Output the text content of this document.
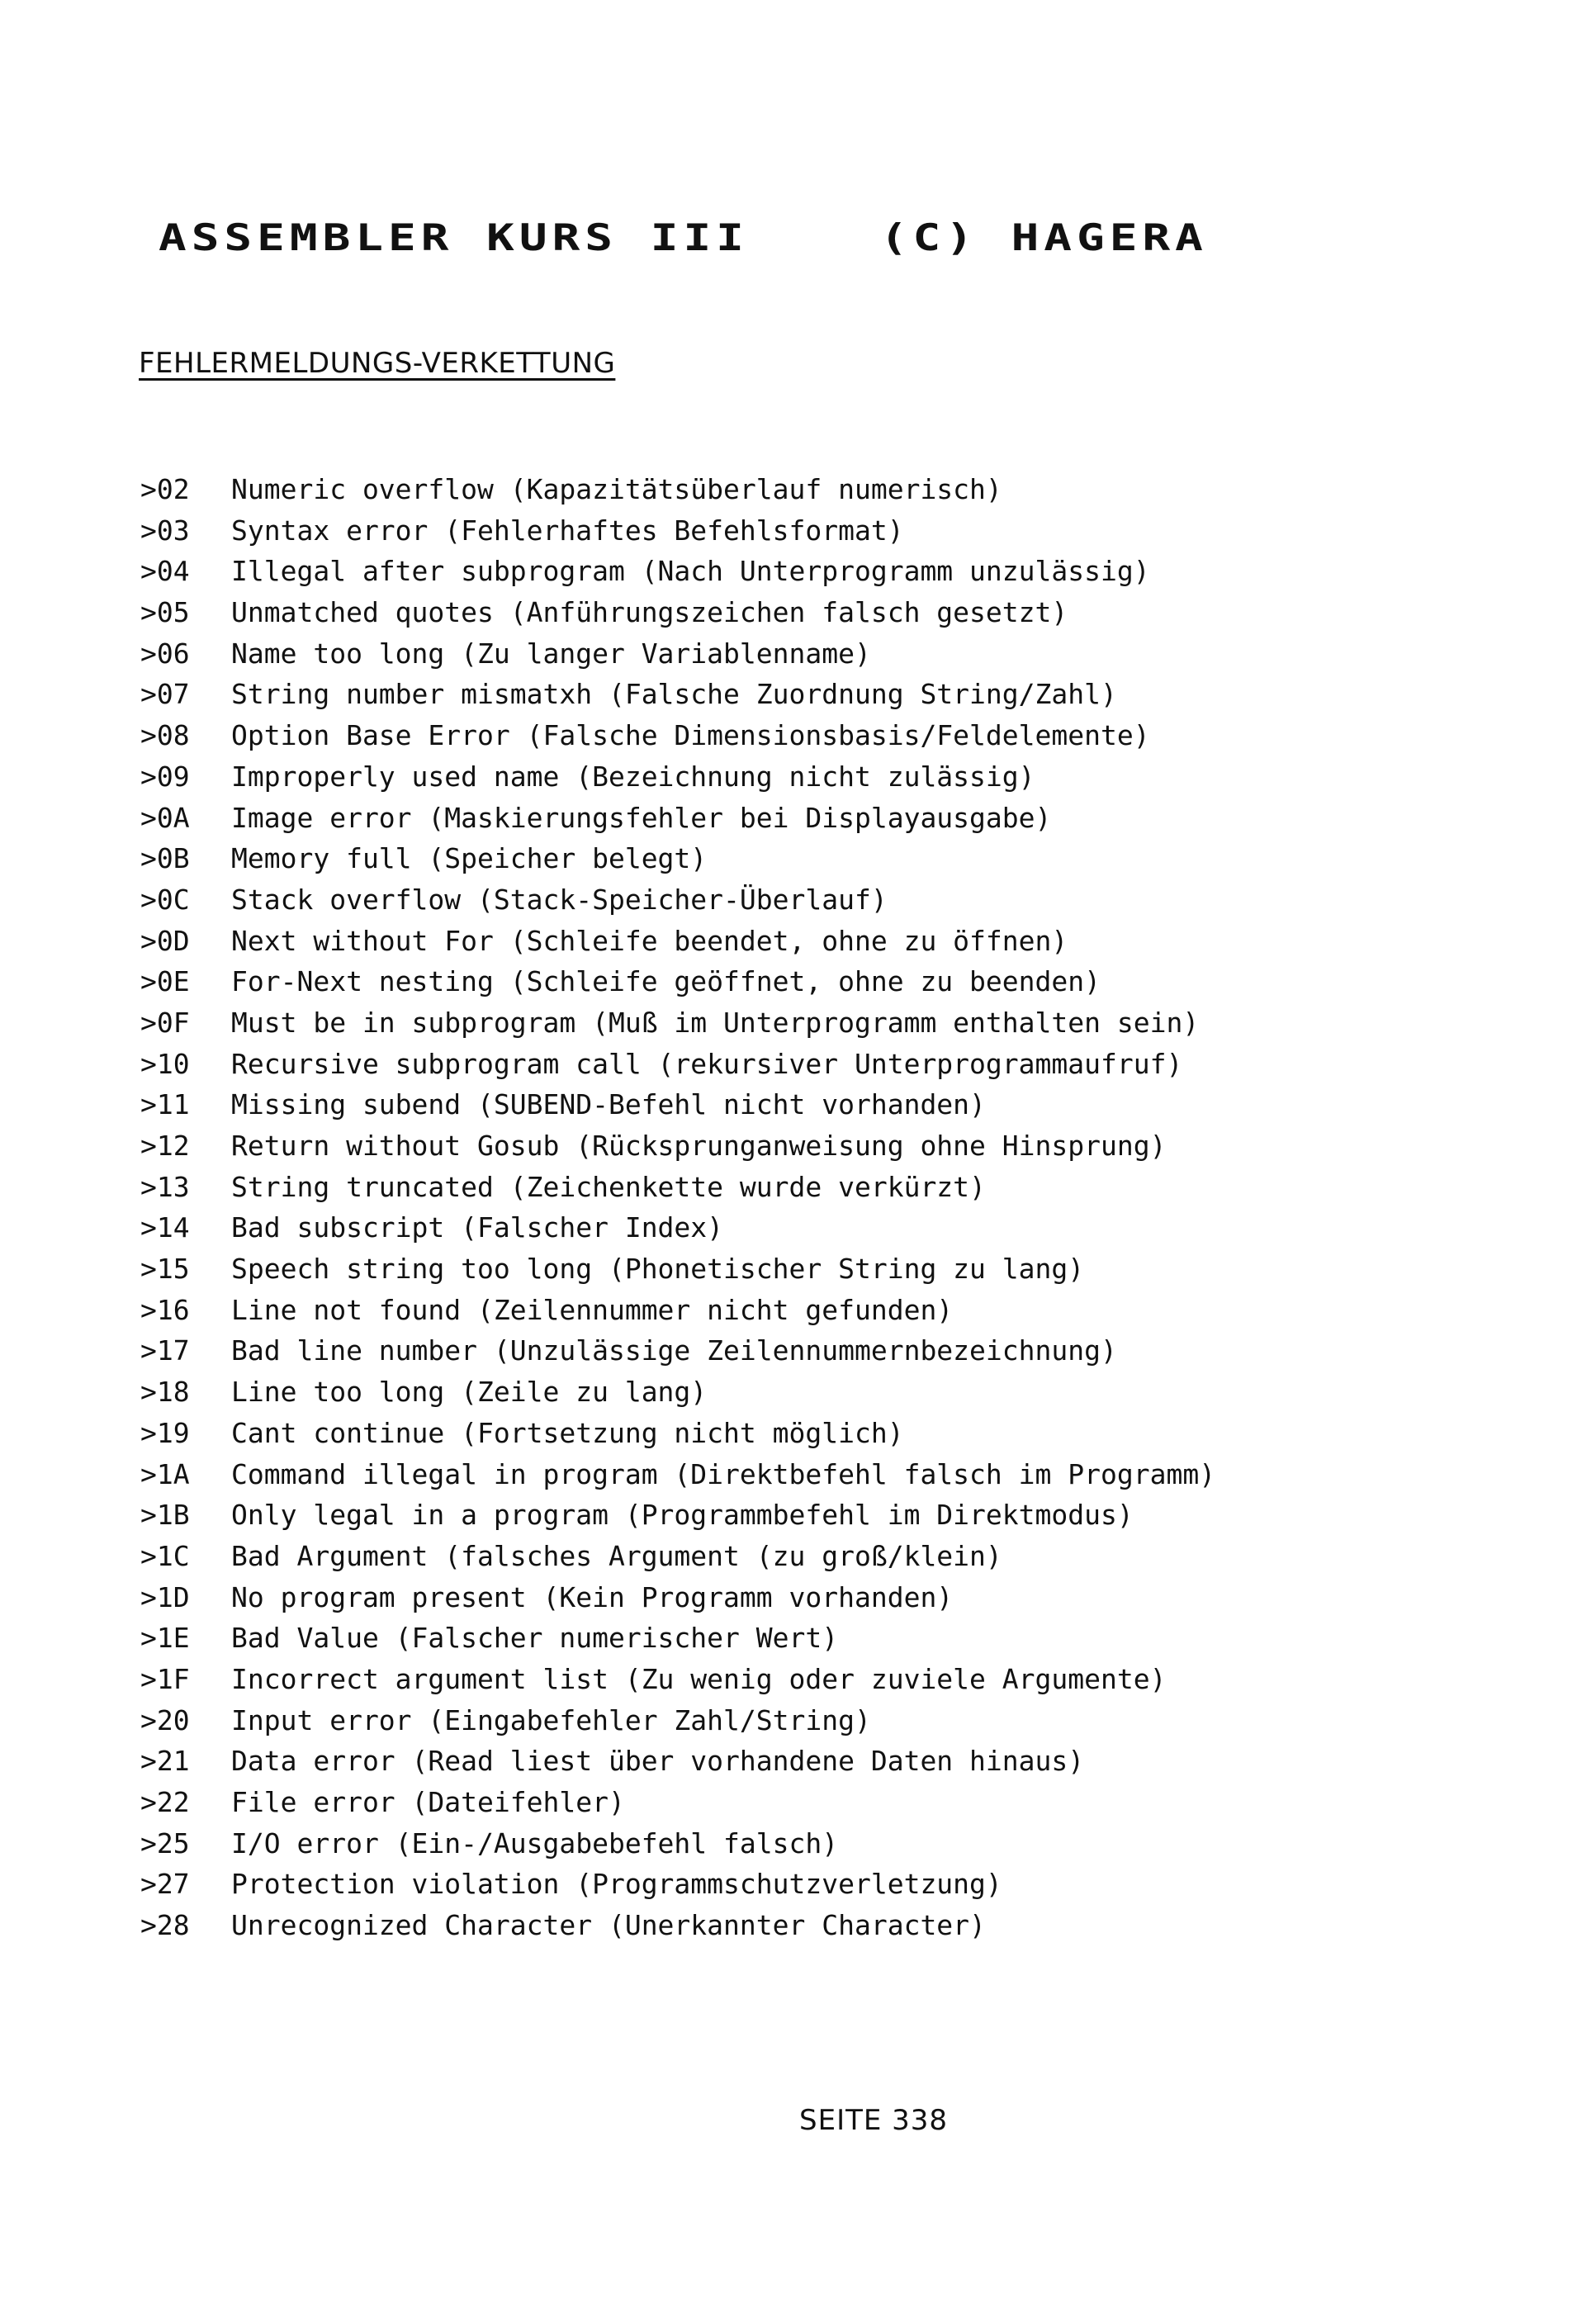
ASSEMBLER KURS III    (C) HAGERA
FEHLERMELDUNGS-VERKETTUNG
>02 Numeric overflow (Kapazitätsüberlauf numerisch)
>03 Syntax error (Fehlerhaftes Befehlsformat)
>04 Illegal after subprogram (Nach Unterprogramm unzulässig)
>05 Unmatched quotes (Anführungszeichen falsch gesetzt)
>06 Name too long (Zu langer Variablenname)
>07 String number mismatxh (Falsche Zuordnung String/Zahl)
>08 Option Base Error (Falsche Dimensionsbasis/Feldelemente)
>09 Improperly used name (Bezeichnung nicht zulässig)
>0A Image error (Maskierungsfehler bei Displayausgabe)
>0B Memory full (Speicher belegt)
>0C Stack overflow (Stack-Speicher-Überlauf)
>0D Next without For (Schleife beendet, ohne zu öffnen)
>0E For-Next nesting (Schleife geöffnet, ohne zu beenden)
>0F Must be in subprogram (Muß im Unterprogramm enthalten sein)
>10 Recursive subprogram call (rekursiver Unterprogrammaufruf)
>11 Missing subend (SUBEND-Befehl nicht vorhanden)
>12 Return without Gosub (Rücksprunganweisung ohne Hinsprung)
>13 String truncated (Zeichenkette wurde verkürzt)
>14 Bad subscript (Falscher Index)
>15 Speech string too long (Phonetischer String zu lang)
>16 Line not found (Zeilennummer nicht gefunden)
>17 Bad line number (Unzulässige Zeilennummernbezeichnung)
>18 Line too long (Zeile zu lang)
>19 Cant continue (Fortsetzung nicht möglich)
>1A Command illegal in program (Direktbefehl falsch im Programm)
>1B Only legal in a program (Programmbefehl im Direktmodus)
>1C Bad Argument (falsches Argument (zu groß/klein)
>1D No program present (Kein Programm vorhanden)
>1E Bad Value (Falscher numerischer Wert)
>1F Incorrect argument list (Zu wenig oder zuviele Argumente)
>20 Input error (Eingabefehler Zahl/String)
>21 Data error (Read liest über vorhandene Daten hinaus)
>22 File error (Dateifehler)
>25 I/O error (Ein-/Ausgabebefehl falsch)
>27 Protection violation (Programmschutzverletzung)
>28 Unrecognized Character (Unerkannter Character)
SEITE 338
